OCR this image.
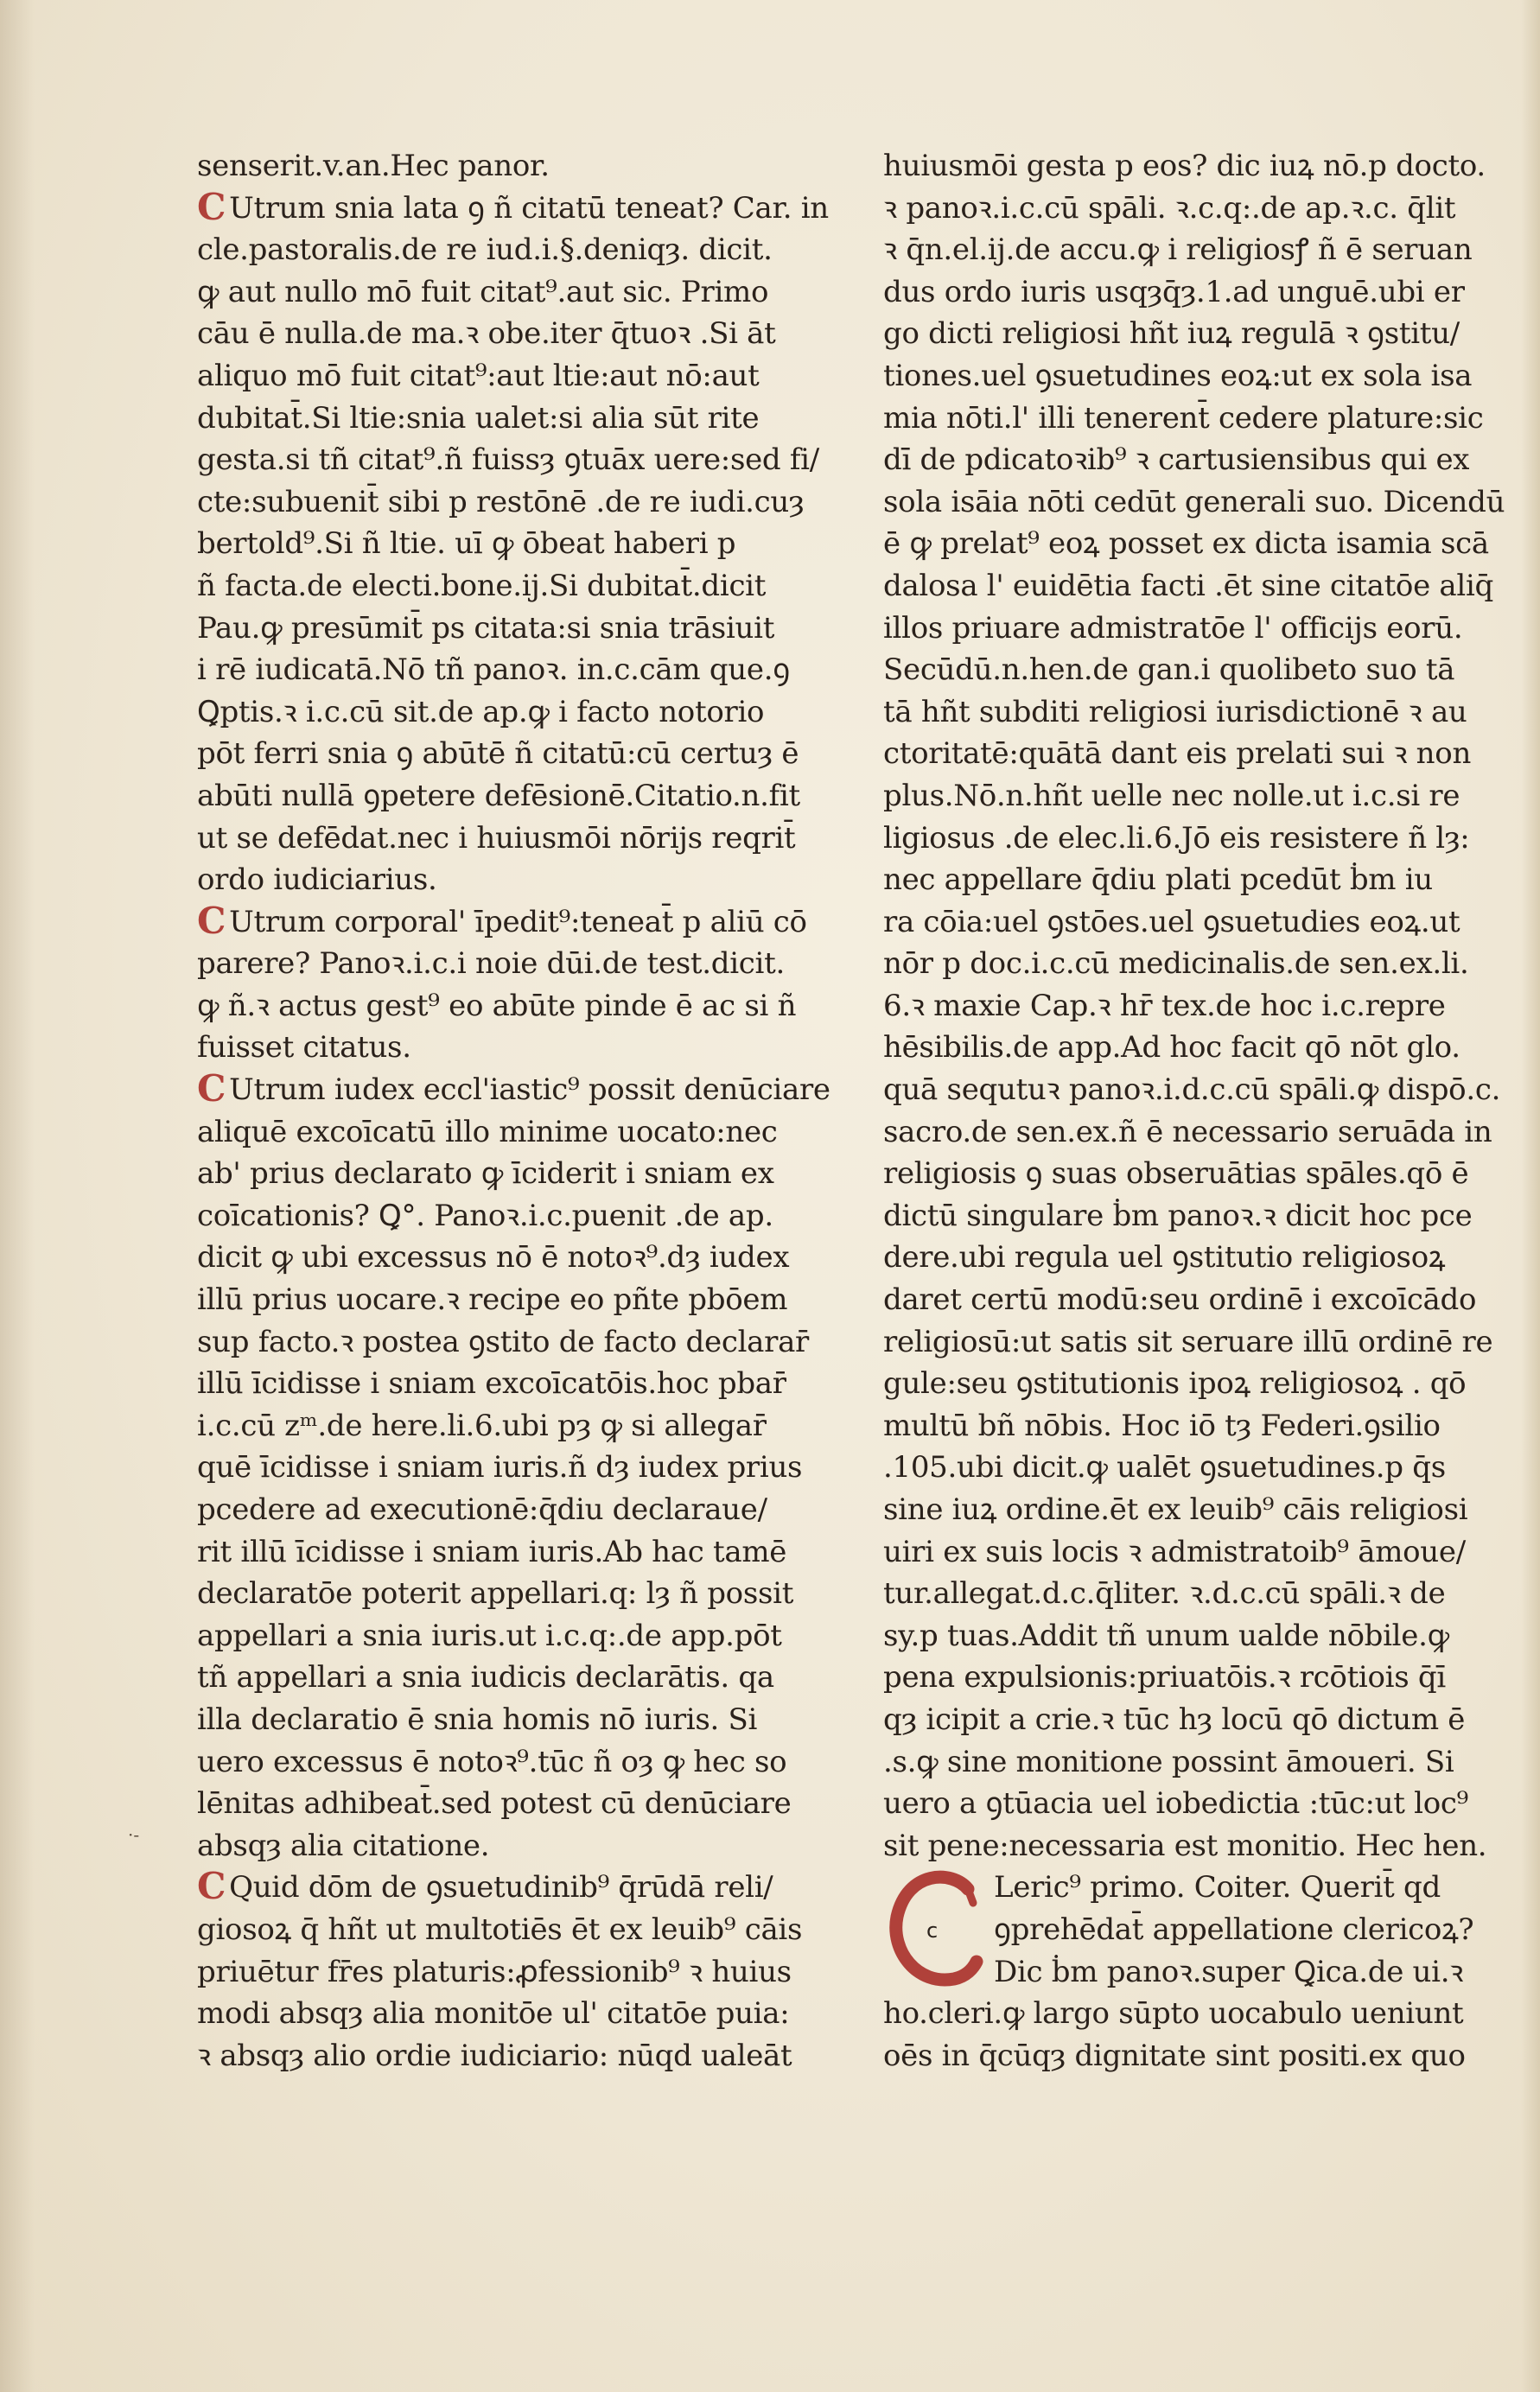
senserit.v.an.Hec panor.
C Utrum snia lata ꝯ ñ citatū teneat? Car. in
cle.pastoralis.de re iud.i.§.deniqȝ. dicit.
ꝙ aut nullo mō fuit citat⁹.aut sic. Primo
cāu ē nulla.de ma.ꝛ obe.iter q̄tuoꝛ .Si āt
aliquo mō fuit citat⁹:aut ltie:aut nō:aut
dubitat̄.Si ltie:snia ualet:si alia sūt rite
gesta.si tñ citat⁹.ñ fuissȝ ꝯtuāx uere:sed fi/
cte:subuenit̄ sibi p restōnē .de re iudi.cuȝ
bertold⁹.Si ñ ltie. uī ꝙ ōbeat haberi p
ñ facta.de electi.bone.ij.Si dubitat̄.dicit
Pau.ꝙ presūmit̄ ps citata:si snia trāsiuit
i rē iudicatā.Nō tñ panoꝛ. in.c.cām que.ꝯ
Ꝗptis.ꝛ i.c.cū sit.de ap.ꝙ i facto notorio
pōt ferri snia ꝯ abūtē ñ citatū:cū certuȝ ē
abūti nullā ꝯpetere defēsionē.Citatio.n.fit
ut se defēdat.nec i huiusmōi nōrijs reqrit̄
ordo iudiciarius.
C Utrum corporal' īpedit⁹:teneat̄ p aliū cō
parere? Panoꝛ.i.c.i noie dūi.de test.dicit.
ꝙ ñ.ꝛ actus gest⁹ eo abūte pinde ē ac si ñ
fuisset citatus.
C Utrum iudex eccl'iastic⁹ possit denūciare
aliquē excoīcatū illo minime uocato:nec
ab' prius declarato ꝙ īciderit i sniam ex
coīcationis? Ꝗ°. Panoꝛ.i.c.puenit .de ap.
dicit ꝙ ubi excessus nō ē notoꝛ⁹.dȝ iudex
illū prius uocare.ꝛ recipe eo pñte pbōem
sup facto.ꝛ postea ꝯstito de facto declarar̄
illū īcidisse i sniam excoīcatōis.hoc pbar̄
i.c.cū zᵐ.de here.li.6.ubi pȝ ꝙ si allegar̄
quē īcidisse i sniam iuris.ñ dȝ iudex prius
pcedere ad executionē:q̄diu declaraue/
rit illū īcidisse i sniam iuris.Ab hac tamē
declaratōe poterit appellari.q: lȝ ñ possit
appellari a snia iuris.ut i.c.q:.de app.pōt
tñ appellari a snia iudicis declarātis. qa
illa declaratio ē snia homis nō iuris. Si
uero excessus ē notoꝛ⁹.tūc ñ oȝ ꝙ hec so
lēnitas adhibeat̄.sed potest cū denūciare
absqȝ alia citatione.
C Quid dōm de ꝯsuetudinib⁹ q̄rūdā reli/
giosoꝝ q̄ hñt ut multotiēs ēt ex leuib⁹ cāis
priuētur fr̄es platuris:ꝓfessionib⁹ ꝛ huius
modi absqȝ alia monitōe ul' citatōe puia:
ꝛ absqȝ alio ordie iudiciario: nūqd ualeāt
huiusmōi gesta p eos? dic iuꝝ nō.p docto.
ꝛ panoꝛ.i.c.cū spāli. ꝛ.c.q:.de ap.ꝛ.c. q̄lit
ꝛ q̄n.el.ij.de accu.ꝙ i religiosꝭ ñ ē seruan
dus ordo iuris usqȝq̄ȝ.1.ad unguē.ubi er
go dicti religiosi hñt iuꝝ regulā ꝛ ꝯstitu/
tiones.uel ꝯsuetudines eoꝝ:ut ex sola isa
mia nōti.l' illi tenerent̄ cedere plature:sic
dī de pdicatoꝛib⁹ ꝛ cartusiensibus qui ex
sola isāia nōti cedūt generali suo. Dicendū
ē ꝙ prelat⁹ eoꝝ posset ex dicta isamia scā
dalosa l' euidētia facti .ēt sine citatōe aliq̄
illos priuare admistratōe l' officijs eorū.
Secūdū.n.hen.de gan.i quolibeto suo tā
tā hñt subditi religiosi iurisdictionē ꝛ au
ctoritatē:quātā dant eis prelati sui ꝛ non
plus.Nō.n.hñt uelle nec nolle.ut i.c.si re
ligiosus .de elec.li.6.Jō eis resistere ñ lȝ:
nec appellare q̄diu plati pcedūt ḃm iu
ra cōia:uel ꝯstōes.uel ꝯsuetudies eoꝝ.ut
nōr p doc.i.c.cū medicinalis.de sen.ex.li.
6.ꝛ maxie Cap.ꝛ hr̄ tex.de hoc i.c.repre
hēsibilis.de app.Ad hoc facit qō nōt glo.
quā sequtuꝛ panoꝛ.i.d.c.cū spāli.ꝙ dispō.c.
sacro.de sen.ex.ñ ē necessario seruāda in
religiosis ꝯ suas obseruātias spāles.qō ē
dictū singulare ḃm panoꝛ.ꝛ dicit hoc pce
dere.ubi regula uel ꝯstitutio religiosoꝝ
daret certū modū:seu ordinē i excoīcādo
religiosū:ut satis sit seruare illū ordinē re
gule:seu ꝯstitutionis ipoꝝ religiosoꝝ . qō
multū bñ nōbis. Hoc iō tȝ Federi.ꝯsilio
.105.ubi dicit.ꝙ ualēt ꝯsuetudines.p q̄s
sine iuꝝ ordine.ēt ex leuib⁹ cāis religiosi
uiri ex suis locis ꝛ admistratoib⁹ āmoue/
tur.allegat.d.c.q̄liter. ꝛ.d.c.cū spāli.ꝛ de
sy.p tuas.Addit tñ unum ualde nōbile.ꝙ
pena expulsionis:priuatōis.ꝛ rcōtiois q̄ī
qȝ icipit a crie.ꝛ tūc hȝ locū qō dictum ē
.s.ꝙ sine monitione possint āmoueri. Si
uero a ꝯtūacia uel iobedictia :tūc:ut loc⁹
sit pene:necessaria est monitio. Hec hen.
c
Leric⁹ primo. Coiter. Querit̄ qd
ꝯprehēdat̄ appellatione clericoꝝ?
Dic ḃm panoꝛ.super Ꝗica.de ui.ꝛ
ho.cleri.ꝙ largo sūpto uocabulo ueniunt
oēs in q̄cūqȝ dignitate sint positi.ex quo
·-
